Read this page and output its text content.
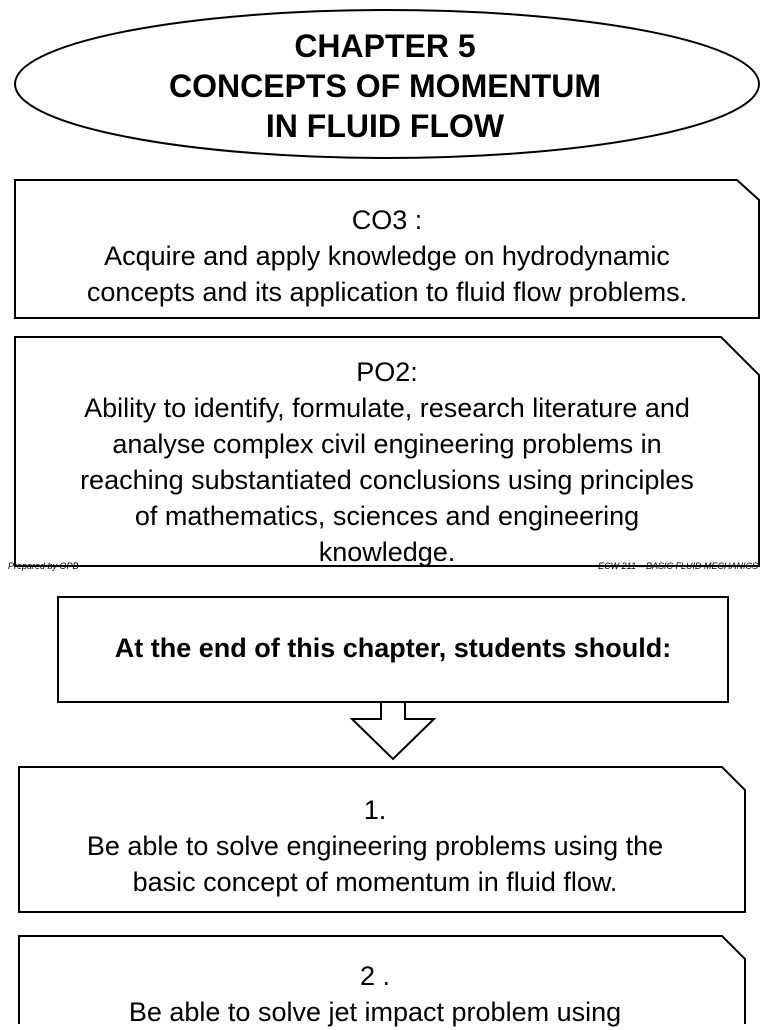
CHAPTER 5
CONCEPTS OF MOMENTUM
IN FLUID FLOW
CO3 :
Acquire and apply knowledge on hydrodynamic
concepts and its application to fluid flow problems.
PO2:
Ability to identify, formulate, research literature and
analyse complex civil engineering problems in
reaching substantiated conclusions using principles
of mathematics, sciences and engineering
knowledge.
Prepared by OPB	ECW 211 – BASIC FLUID MECHANICS
At the end of this chapter, students should:
1.
Be able to solve engineering problems using the
basic concept of momentum in fluid flow.
2 .
Be able to solve jet impact problem using
